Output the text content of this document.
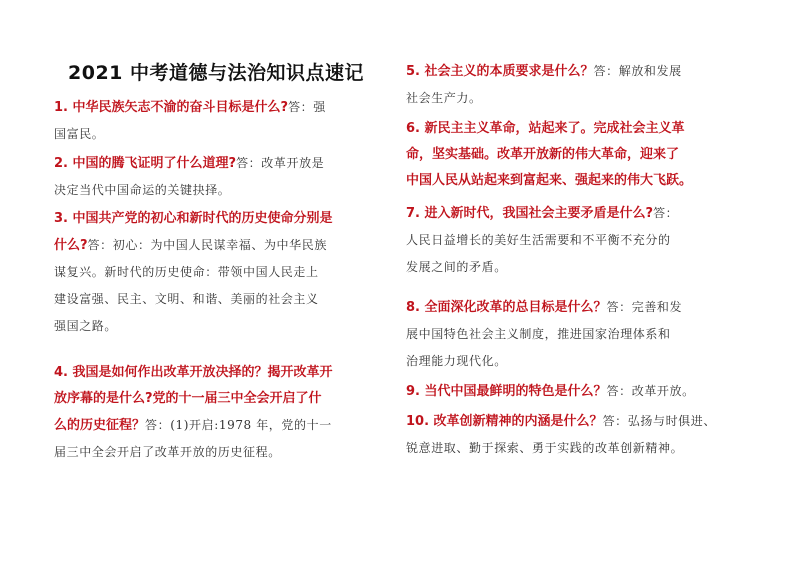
2021 中考道德与法治知识点速记
1. 中华民族矢志不渝的奋斗目标是什么?答：强
国富民。
2. 中国的腾飞证明了什么道理?答：改革开放是
决定当代中国命运的关键抉择。
3. 中国共产党的初心和新时代的历史使命分别是
什么?答：初心：为中国人民谋幸福、为中华民族
谋复兴。新时代的历史使命：带领中国人民走上
建设富强、民主、文明、和谐、美丽的社会主义
强国之路。
4. 我国是如何作出改革开放决择的？揭开改革开
放序幕的是什么?党的十一届三中全会开启了什
么的历史征程？答：(1)开启:1978 年，党的十一
届三中全会开启了改革开放的历史征程。
5. 社会主义的本质要求是什么？答：解放和发展
社会生产力。
6. 新民主主义革命，站起来了。完成社会主义革
命，坚实基础。改革开放新的伟大革命，迎来了
中国人民从站起来到富起来、强起来的伟大飞跃。
7. 进入新时代，我国社会主要矛盾是什么?答：
人民日益增长的美好生活需要和不平衡不充分的
发展之间的矛盾。
8. 全面深化改革的总目标是什么？答：完善和发
展中国特色社会主义制度，推进国家治理体系和
治理能力现代化。
9. 当代中国最鲜明的特色是什么？答：改革开放。
10. 改革创新精神的内涵是什么？答：弘扬与时俱进、
锐意进取、勤于探索、勇于实践的改革创新精神。
